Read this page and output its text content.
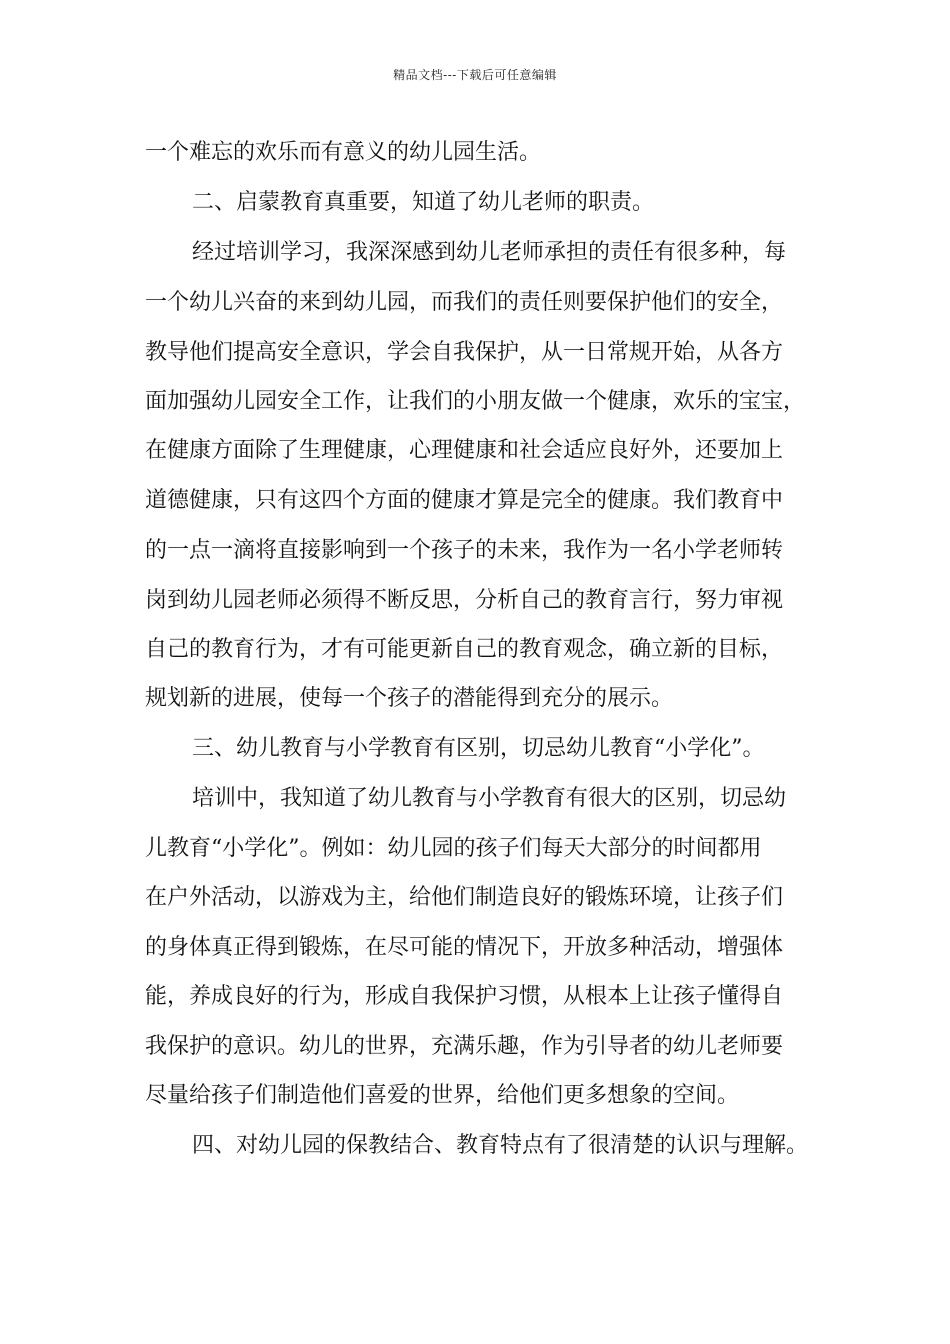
精品文档---下载后可任意编辑
一个难忘的欢乐而有意义的幼儿园生活。
二、启蒙教育真重要，知道了幼儿老师的职责。
经过培训学习，我深深感到幼儿老师承担的责任有很多种，每
一个幼儿兴奋的来到幼儿园，而我们的责任则要保护他们的安全，
教导他们提高安全意识，学会自我保护，从一日常规开始，从各方
面加强幼儿园安全工作，让我们的小朋友做一个健康，欢乐的宝宝，
在健康方面除了生理健康，心理健康和社会适应良好外，还要加上
道德健康，只有这四个方面的健康才算是完全的健康。我们教育中
的一点一滴将直接影响到一个孩子的未来，我作为一名小学老师转
岗到幼儿园老师必须得不断反思，分析自己的教育言行，努力审视
自己的教育行为，才有可能更新自己的教育观念，确立新的目标，
规划新的进展，使每一个孩子的潜能得到充分的展示。
三、幼儿教育与小学教育有区别，切忌幼儿教育“小学化”。
培训中，我知道了幼儿教育与小学教育有很大的区别，切忌幼
儿教育“小学化”。例如：幼儿园的孩子们每天大部分的时间都用
在户外活动，以游戏为主，给他们制造良好的锻炼环境，让孩子们
的身体真正得到锻炼，在尽可能的情况下，开放多种活动，增强体
能，养成良好的行为，形成自我保护习惯，从根本上让孩子懂得自
我保护的意识。幼儿的世界，充满乐趣，作为引导者的幼儿老师要
尽量给孩子们制造他们喜爱的世界，给他们更多想象的空间。
四、对幼儿园的保教结合、教育特点有了很清楚的认识与理解。
